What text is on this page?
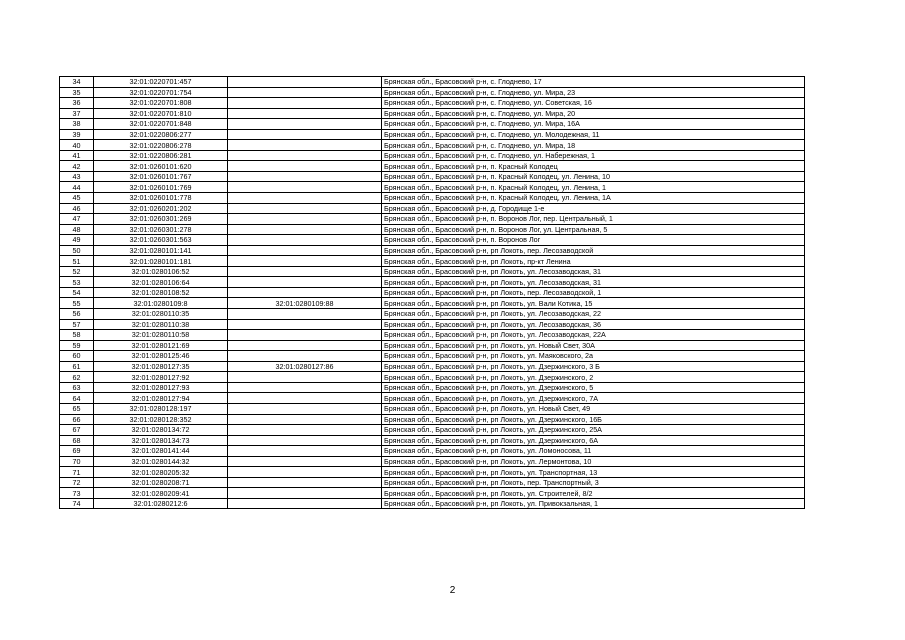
34	32:01:0220701:457		Брянская обл., Брасовский р-н, с. Глоднево, 17
35	32:01:0220701:754		Брянская обл., Брасовский р-н, с. Глоднево, ул. Мира, 23
36	32:01:0220701:808		Брянская обл., Брасовский р-н, с. Глоднево, ул. Советская, 16
37	32:01:0220701:810		Брянская обл., Брасовский р-н, с. Глоднево, ул. Мира, 20
38	32:01:0220701:848		Брянская обл., Брасовский р-н, с. Глоднево, ул. Мира, 16А
39	32:01:0220806:277		Брянская обл., Брасовский р-н, с. Глоднево, ул. Молодежная, 11
40	32:01:0220806:278		Брянская обл., Брасовский р-н, с. Глоднево, ул. Мира, 18
41	32:01:0220806:281		Брянская обл., Брасовский р-н, с. Глоднево, ул. Набережная, 1
42	32:01:0260101:620		Брянская обл., Брасовский р-н, п. Красный Колодец
43	32:01:0260101:767		Брянская обл., Брасовский р-н, п. Красный Колодец, ул. Ленина, 10
44	32:01:0260101:769		Брянская обл., Брасовский р-н, п. Красный Колодец, ул. Ленина, 1
45	32:01:0260101:778		Брянская обл., Брасовский р-н, п. Красный Колодец, ул. Ленина, 1А
46	32:01:0260201:202		Брянская обл., Брасовский р-н, д. Городище 1-е
47	32:01:0260301:269		Брянская обл., Брасовский р-н, п. Воронов Лог, пер. Центральный, 1
48	32:01:0260301:278		Брянская обл., Брасовский р-н, п. Воронов Лог, ул. Центральная, 5
49	32:01:0260301:563		Брянская обл., Брасовский р-н, п. Воронов Лог
50	32:01:0280101:141		Брянская обл., Брасовский р-н, рп Локоть, пер. Лесозаводской
51	32:01:0280101:181		Брянская обл., Брасовский р-н, рп Локоть, пр-кт Ленина
52	32:01:0280106:52		Брянская обл., Брасовский р-н, рп Локоть, ул. Лесозаводская, 31
53	32:01:0280106:64		Брянская обл., Брасовский р-н, рп Локоть, ул. Лесозаводская, 31
54	32:01:0280108:52		Брянская обл., Брасовский р-н, рп Локоть, пер. Лесозаводской, 1
55	32:01:0280109:8	32:01:0280109:88	Брянская обл., Брасовский р-н, рп Локоть, ул. Вали Котика, 15
56	32:01:0280110:35		Брянская обл., Брасовский р-н, рп Локоть, ул. Лесозаводская, 22
57	32:01:0280110:38		Брянская обл., Брасовский р-н, рп Локоть, ул. Лесозаводская, 36
58	32:01:0280110:58		Брянская обл., Брасовский р-н, рп Локоть, ул. Лесозаводская, 22А
59	32:01:0280121:69		Брянская обл., Брасовский р-н, рп Локоть, ул. Новый Свет, 30А
60	32:01:0280125:46		Брянская обл., Брасовский р-н, рп Локоть, ул. Маяковского, 2а
61	32:01:0280127:35	32:01:0280127:86	Брянская обл., Брасовский р-н, рп Локоть, ул. Дзержинского, 3 Б
62	32:01:0280127:92		Брянская обл., Брасовский р-н, рп Локоть, ул. Дзержинского, 2
63	32:01:0280127:93		Брянская обл., Брасовский р-н, рп Локоть, ул. Дзержинского, 5
64	32:01:0280127:94		Брянская обл., Брасовский р-н, рп Локоть, ул. Дзержинского, 7А
65	32:01:0280128:197		Брянская обл., Брасовский р-н, рп Локоть, ул. Новый Свет, 49
66	32:01:0280128:352		Брянская обл., Брасовский р-н, рп Локоть, ул. Дзержинского, 16Б
67	32:01:0280134:72		Брянская обл., Брасовский р-н, рп Локоть, ул. Дзержинского, 25А
68	32:01:0280134:73		Брянская обл., Брасовский р-н, рп Локоть, ул. Дзержинского, 6А
69	32:01:0280141:44		Брянская обл., Брасовский р-н, рп Локоть, ул. Ломоносова, 11
70	32:01:0280144:32		Брянская обл., Брасовский р-н, рп Локоть, ул. Лермонтова, 10
71	32:01:0280205:32		Брянская обл., Брасовский р-н, рп Локоть, ул. Транспортная, 13
72	32:01:0280208:71		Брянская обл., Брасовский р-н, рп Локоть, пер. Транспортный, 3
73	32:01:0280209:41		Брянская обл., Брасовский р-н, рп Локоть, ул. Строителей, 8/2
74	32:01:0280212:6		Брянская обл., Брасовский р-н, рп Локоть, ул. Привокзальная, 1
2
